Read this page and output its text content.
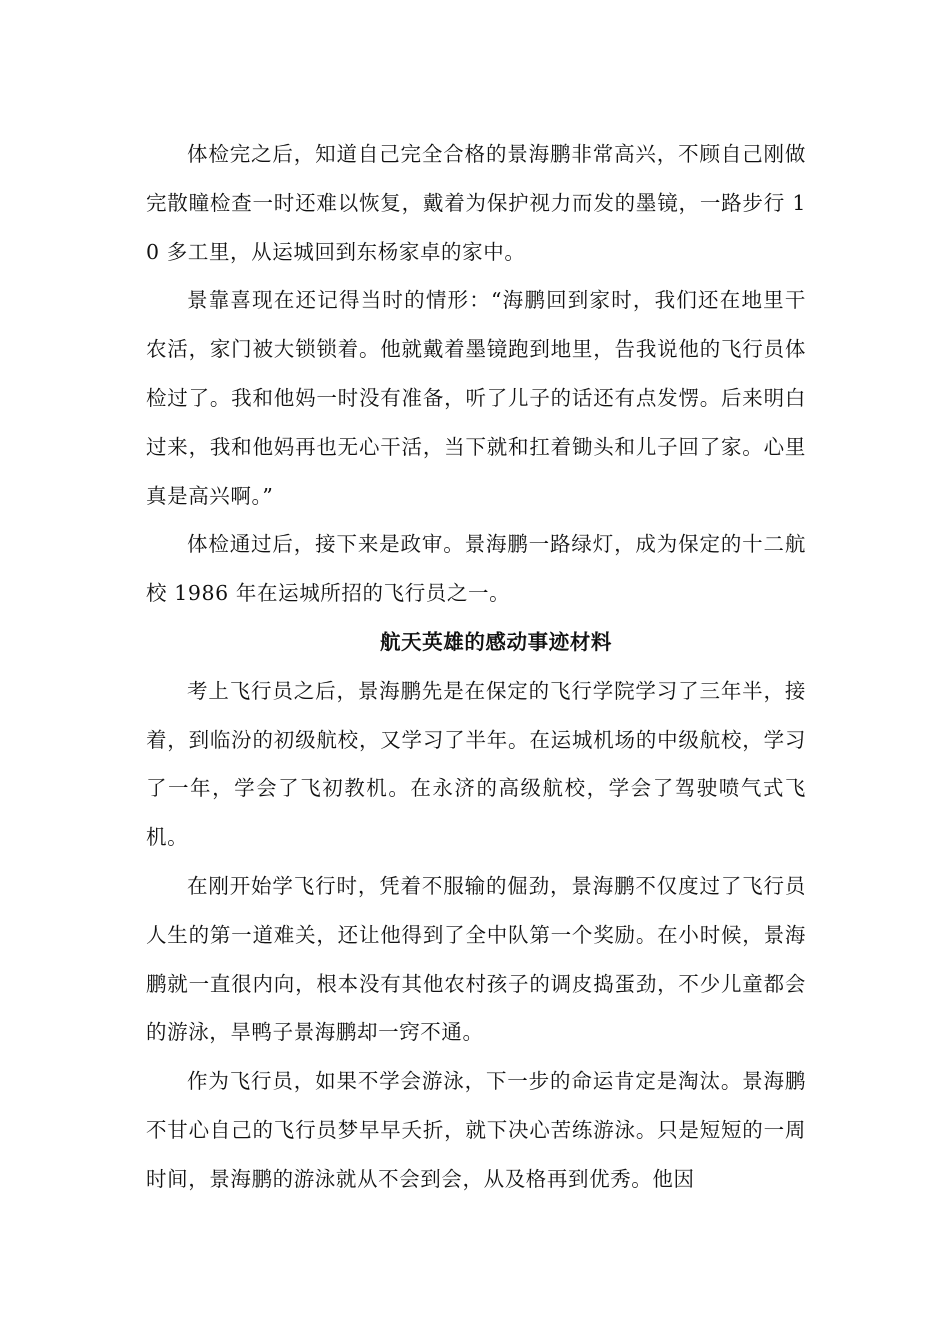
体检完之后，知道自己完全合格的景海鹏非常高兴，不顾自己刚做完散瞳检查一时还难以恢复，戴着为保护视力而发的墨镜，一路步行 10 多工里，从运城回到东杨家卓的家中。

景靠喜现在还记得当时的情形：“海鹏回到家时，我们还在地里干农活，家门被大锁锁着。他就戴着墨镜跑到地里，告我说他的飞行员体检过了。我和他妈一时没有准备，听了儿子的话还有点发愣。后来明白过来，我和他妈再也无心干活，当下就和扛着锄头和儿子回了家。心里真是高兴啊。”

体检通过后，接下来是政审。景海鹏一路绿灯，成为保定的十二航校 1986 年在运城所招的飞行员之一。

航天英雄的感动事迹材料

考上飞行员之后，景海鹏先是在保定的飞行学院学习了三年半，接着，到临汾的初级航校，又学习了半年。在运城机场的中级航校，学习了一年，学会了飞初教机。在永济的高级航校，学会了驾驶喷气式飞机。

在刚开始学飞行时，凭着不服输的倔劲，景海鹏不仅度过了飞行员人生的第一道难关，还让他得到了全中队第一个奖励。在小时候，景海鹏就一直很内向，根本没有其他农村孩子的调皮捣蛋劲，不少儿童都会的游泳，旱鸭子景海鹏却一窍不通。

作为飞行员，如果不学会游泳，下一步的命运肯定是淘汰。景海鹏不甘心自己的飞行员梦早早夭折，就下决心苦练游泳。只是短短的一周时间，景海鹏的游泳就从不会到会，从及格再到优秀。他因
